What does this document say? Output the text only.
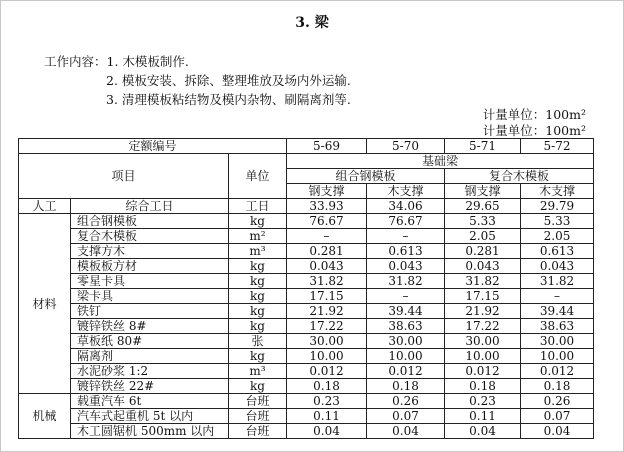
3. 梁
工作内容：1. 木模板制作.
2. 模板安装、拆除、整理堆放及场内外运输.
3. 清理模板粘结物及模内杂物、刷隔离剂等.
计量单位：100m²
计量单位：100m²
定额编号			5-69	5-70	5-71	5-72
项目		单位	基础梁			
			组合钢模板		复合木模板	
			钢支撑	木支撑	钢支撑	木支撑
人工	综合工日	工日	33.93	34.06	29.65	29.79
材料	组合钢模板	kg	76.67	76.67	5.33	5.33
	复合木模板	m²	–	–	2.05	2.05
	支撑方木	m³	0.281	0.613	0.281	0.613
	模板板方材	kg	0.043	0.043	0.043	0.043
	零星卡具	kg	31.82	31.82	31.82	31.82
	梁卡具	kg	17.15	–	17.15	–
	铁钉	kg	21.92	39.44	21.92	39.44
	镀锌铁丝 8#	kg	17.22	38.63	17.22	38.63
	草板纸 80#	张	30.00	30.00	30.00	30.00
	隔离剂	kg	10.00	10.00	10.00	10.00
	水泥砂浆 1:2	m³	0.012	0.012	0.012	0.012
	镀锌铁丝 22#	kg	0.18	0.18	0.18	0.18
机械	载重汽车 6t	台班	0.23	0.26	0.23	0.26
	汽车式起重机 5t 以内	台班	0.11	0.07	0.11	0.07
	木工圆锯机 500mm 以内	台班	0.04	0.04	0.04	0.04
